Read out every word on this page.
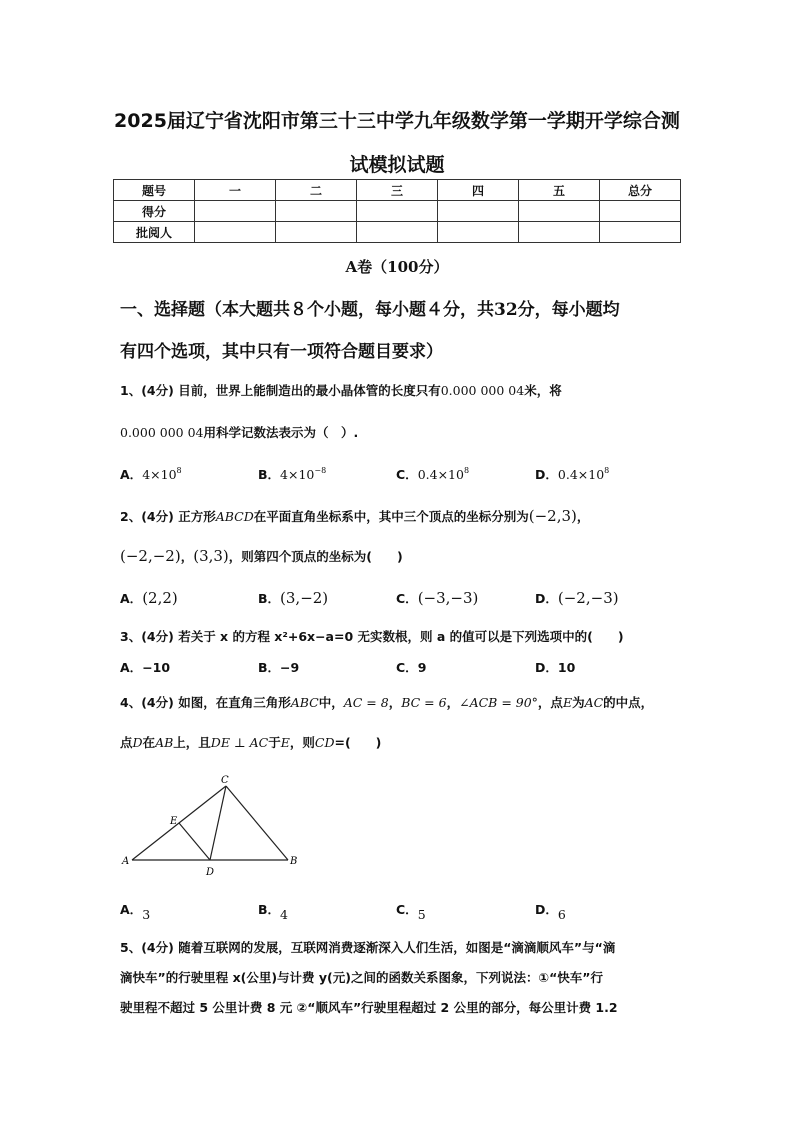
2025届辽宁省沈阳市第三十三中学九年级数学第一学期开学综合测
试模拟试题
题号	一	二	三	四	五	总分
得分						
批阅人						
A卷（100分）
一、选择题（本大题共８个小题，每小题４分，共32分，每小题均
有四个选项，其中只有一项符合题目要求）
1、(4分) 目前，世界上能制造出的最小晶体管的长度只有0.000 000 04米，将
0.000 000 04用科学记数法表示为（　）.
A．$4\times 10^8$	B．$4\times 10^{-8}$	C．$0.4\times 10^8$	D．$0.4\times 10^8$
2、(4分) 正方形ABCD在平面直角坐标系中，其中三个顶点的坐标分别为(−2,3)，
(−2,−2)，(3,3)，则第四个顶点的坐标为(　　)
A．(2,2)	B．(3,−2)	C．(−3,−3)	D．(−2,−3)
3、(4分) 若关于 x 的方程 x²+6x−a=0 无实数根，则 a 的值可以是下列选项中的(　　)
A．−10	B．−9	C．9	D．10
4、(4分) 如图，在直角三角形ABC中，AC = 8，BC = 6，∠ACB = 90°，点E为AC的中点，
点D在AB上，且DE ⊥ AC于E，则CD=(　　)
A	B
C
D
E
A．3	B．4	C．5	D．6
5、(4分) 随着互联网的发展，互联网消费逐渐深入人们生活，如图是“滴滴顺风车”与“滴
滴快车”的行驶里程 x(公里)与计费 y(元)之间的函数关系图象，下列说法：①“快车”行
驶里程不超过 5 公里计费 8 元 ②“顺风车”行驶里程超过 2 公里的部分，每公里计费 1.2
